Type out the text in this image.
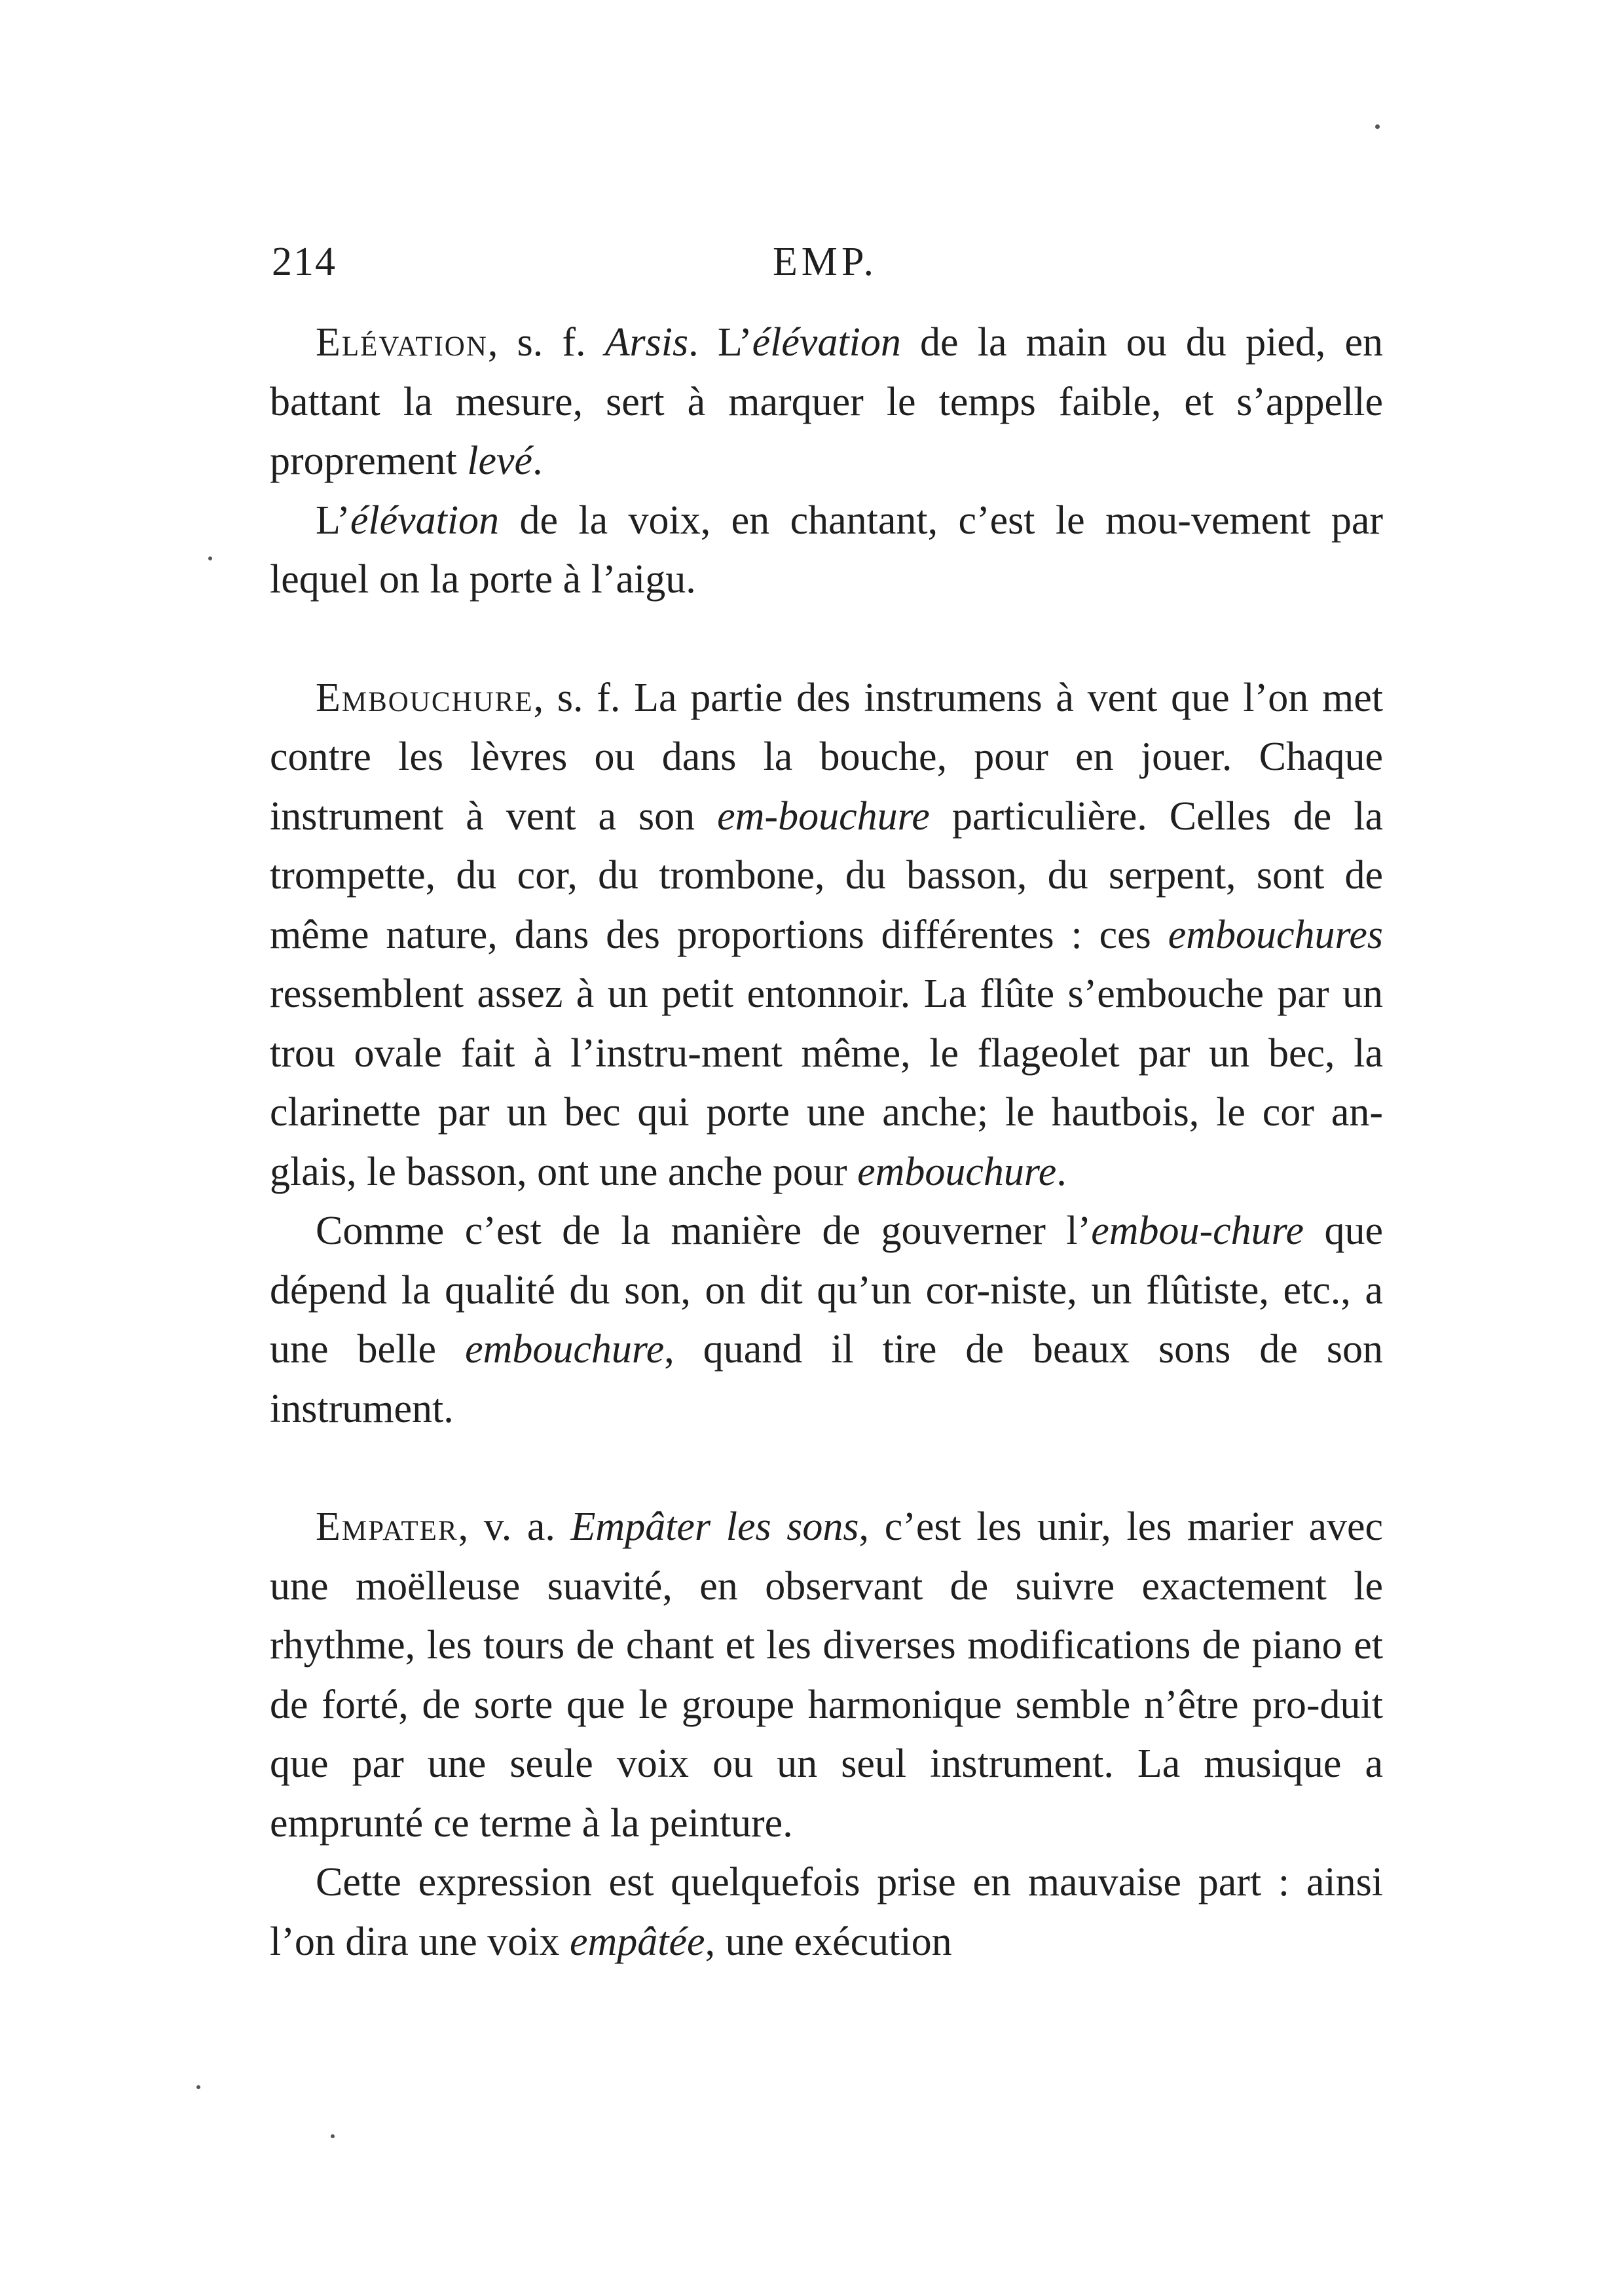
214	EMP.

Elévation, s. f. Arsis. L’élévation de la main ou du pied, en battant la mesure, sert à marquer le temps faible, et s’appelle proprement levé.

L’élévation de la voix, en chantant, c’est le mou-vement par lequel on la porte à l’aigu.

Embouchure, s. f. La partie des instrumens à vent que l’on met contre les lèvres ou dans la bouche, pour en jouer. Chaque instrument à vent a son em-bouchure particulière. Celles de la trompette, du cor, du trombone, du basson, du serpent, sont de même nature, dans des proportions différentes : ces embouchures ressemblent assez à un petit entonnoir. La flûte s’embouche par un trou ovale fait à l’instru-ment même, le flageolet par un bec, la clarinette par un bec qui porte une anche; le hautbois, le cor an-glais, le basson, ont une anche pour embouchure.

Comme c’est de la manière de gouverner l’embou-chure que dépend la qualité du son, on dit qu’un cor-niste, un flûtiste, etc., a une belle embouchure, quand il tire de beaux sons de son instrument.

Empater, v. a. Empâter les sons, c’est les unir, les marier avec une moëlleuse suavité, en observant de suivre exactement le rhythme, les tours de chant et les diverses modifications de piano et de forté, de sorte que le groupe harmonique semble n’être pro-duit que par une seule voix ou un seul instrument. La musique a emprunté ce terme à la peinture.

Cette expression est quelquefois prise en mauvaise part : ainsi l’on dira une voix empâtée, une exécution
